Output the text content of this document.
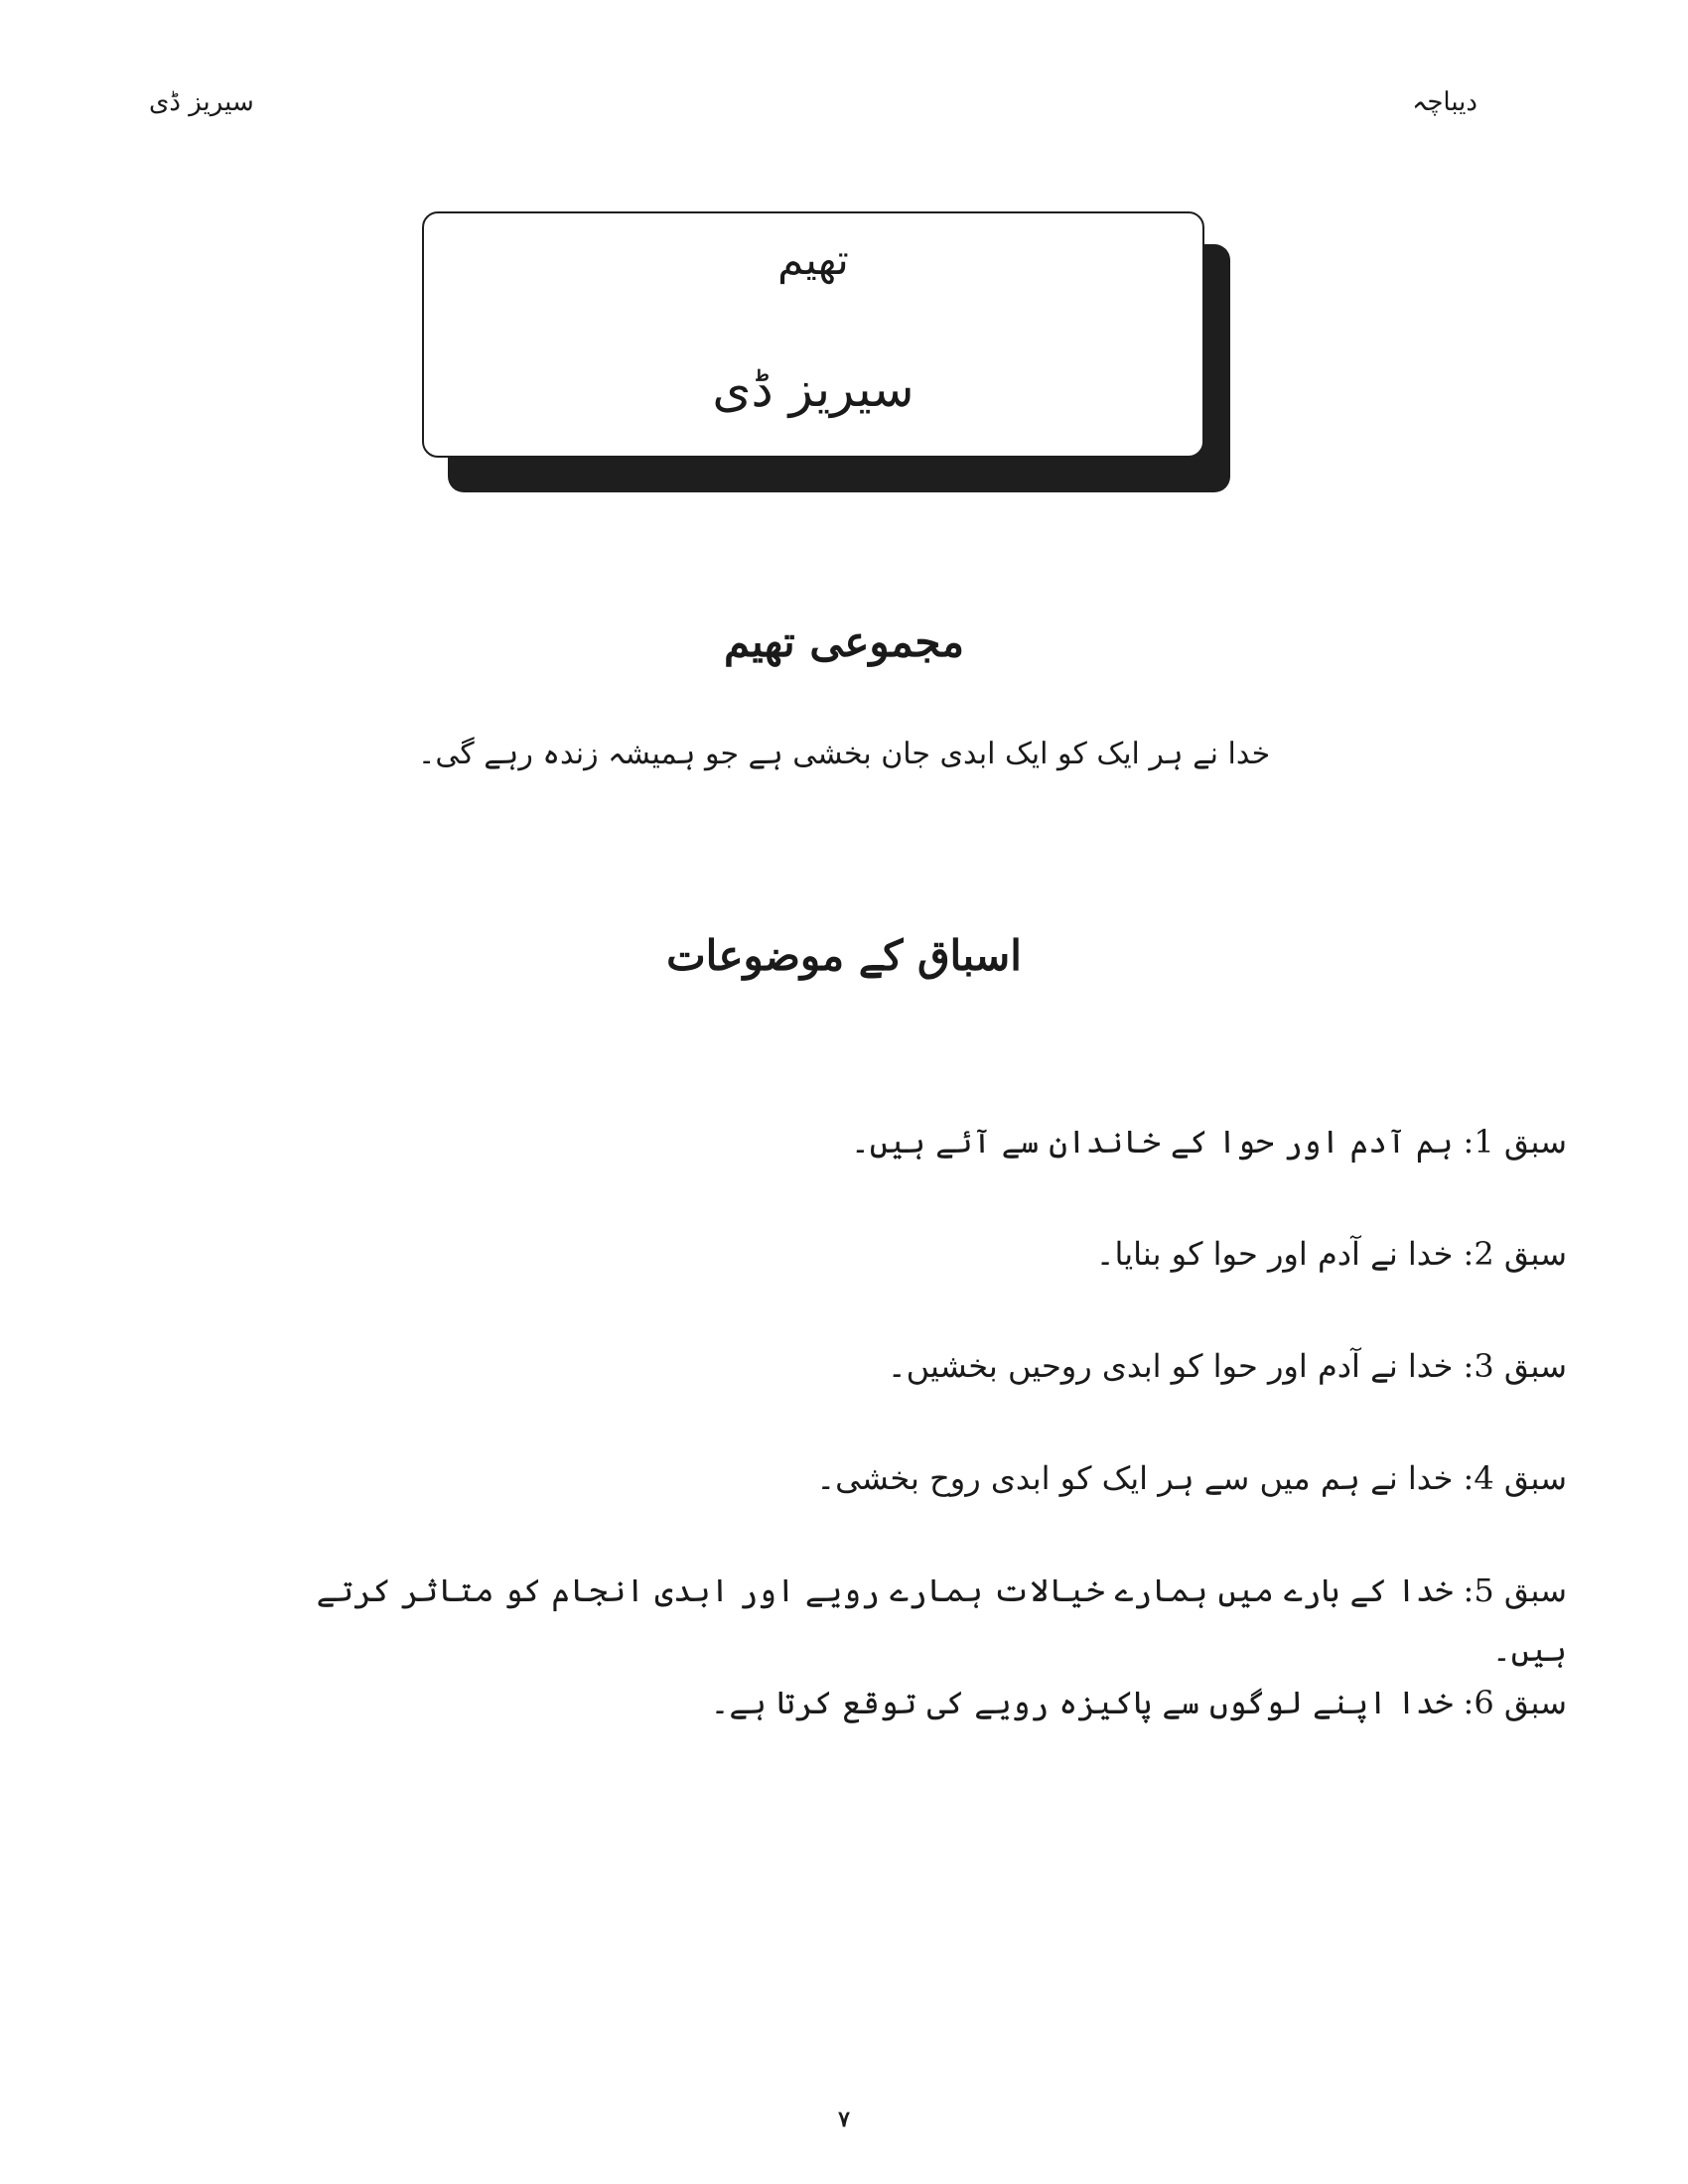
سیریز ڈی	دیباچہ
تھیم
سیریز ڈی
مجموعی تھیم
خدا نے ہر ایک کو ایک ابدی جان بخشی ہے جو ہمیشہ زندہ رہے گی۔
اسباق کے موضوعات
سبق 1: ہم آدم اور حوا کے خاندان سے آئے ہیں۔
سبق 2: خدا نے آدم اور حوا کو بنایا۔
سبق 3: خدا نے آدم اور حوا کو ابدی روحیں بخشیں۔
سبق 4: خدا نے ہم میں سے ہر ایک کو ابدی روح بخشی۔
سبق 5: خدا کے بارے میں ہمارے خیالات ہمارے رویے اور ابدی انجام کو متاثر کرتے ہیں۔
سبق 6: خدا اپنے لوگوں سے پاکیزہ رویے کی توقع کرتا ہے۔
۷
